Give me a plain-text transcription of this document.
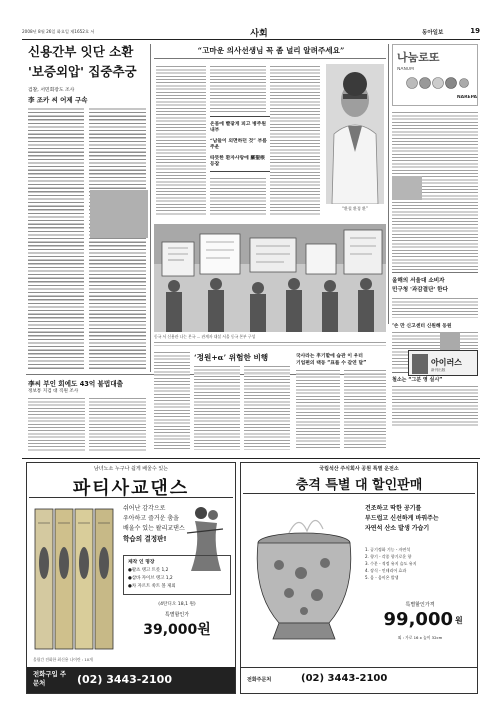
2008년 8월 26일 화요일 제1652호 서	사회	동아일보	19
신용간부 잇단 소환
'보증외압' 집중추궁
검찰, 서민회장도 조사
李 조카 씨 어제 구속
“고마운 의사선생님 꼭 좀 널리 알려주세요”
온몸에 빨갛게 피고 병주원내부
“남들이 외면하던 것” 부름주운
따뜻한 환자사랑에 羅聖根 등잡
“환철 환경 환”
나눔로또
NANUM
NAREPA
올해의 서울대 소비자
민구청 '과감결단' 한다
동국 서 신용관 나는 본국 ... 관계자 대설 서울 동국 본부 구성
‘손 만 신고센터 신원해 동원
철소는 “그분 영 실시”
아이러스
新刊出版
李씨 부인 회에도 43억 불법대출
정보통 지검 대 직원 조사
‘정원+α’ 위험한 비행	국사라는 후기할에 습관 이 우터
기업편의 택동 “표를 수 갈연 달”
남녀노소 누구나 쉽게 배울수 있는
파티사교댄스
쉬어난 감각으로
우아하고 즐거운 춤을
배울수 있는 왈리교댄스
학습의 결정판!
제작 인 명장
●왈츠 탱고 트롯 1,2
●삼바 자이브 탱고 1,2
●차 자르트 쑥트 볼 제외
(4탄디오 18,1 원)
특별할인가
39,000원
올립간 전화한 최신용 나이란 : 10개
전화구입 주문처	(02) 3443-2100
국립석산 주식회사 공원 특별 운전소
충격 특별 대 할인판매
건조하고 딱한 공기를
부드럽고 신선하게 바꿔주는
자연석 산소 발생 가습기
1. 공기정화 기능 - 자연석
2. 향기 - 각종 향기로운 향
3. 수분 - 적정 유지 습도 유지
4. 장식 - 인테리어 효과
5. 음 - 음이온 발생
특별할인가격
99,000 원
외 : 가로 16 x 높이 32cm
전화주문처	(02) 3443-2100
